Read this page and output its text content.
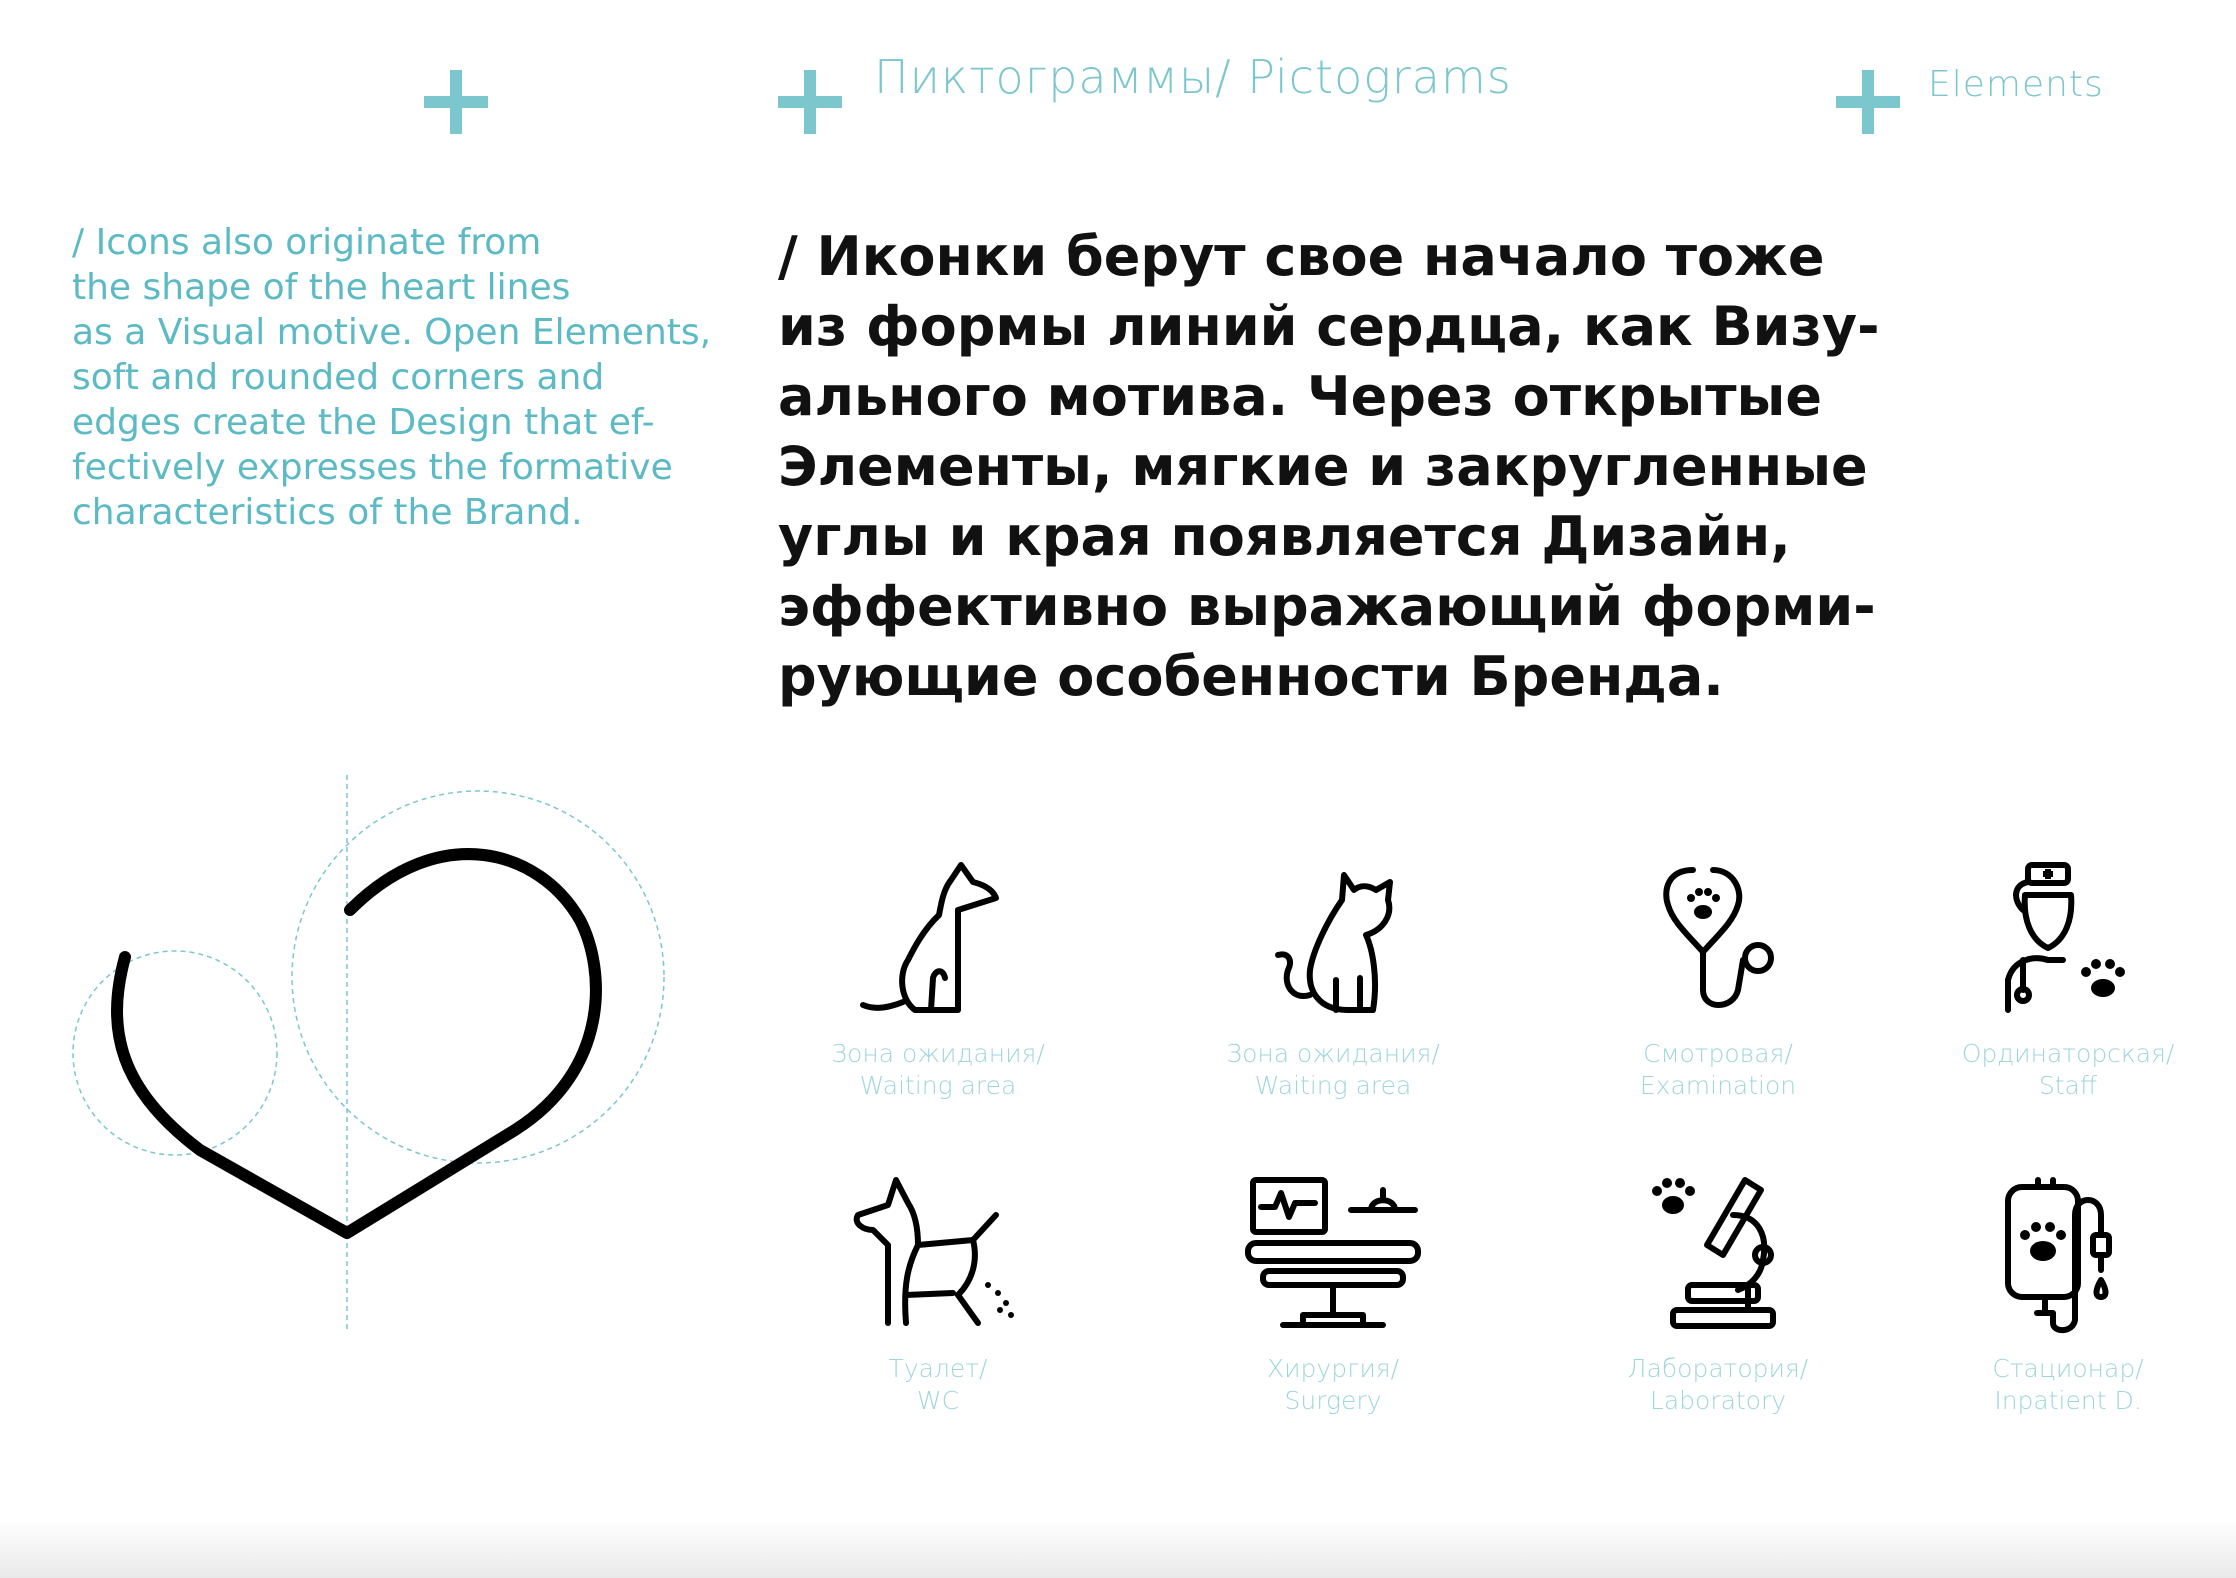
Пиктограммы/ Pictograms	Elements
/ Icons also originate from
the shape of the heart lines
as a Visual motive. Open Elements,
soft and rounded corners and
edges create the Design that ef-
fectively expresses the formative
characteristics of the Brand.
/ Иконки берут свое начало тоже
из формы линий сердца, как Визу-
ального мотива. Через открытые
Элементы, мягкие и закругленные
углы и края появляется Дизайн,
эффективно выражающий форми-
рующие особенности Бренда.
Зона ожидания/
Waiting area
Зона ожидания/
Waiting area
Смотровая/
Examination
Ординаторская/
Staff
Туалет/
WC
Хирургия/
Surgery
Лаборатория/
Laboratory
Стационар/
Inpatient D.
